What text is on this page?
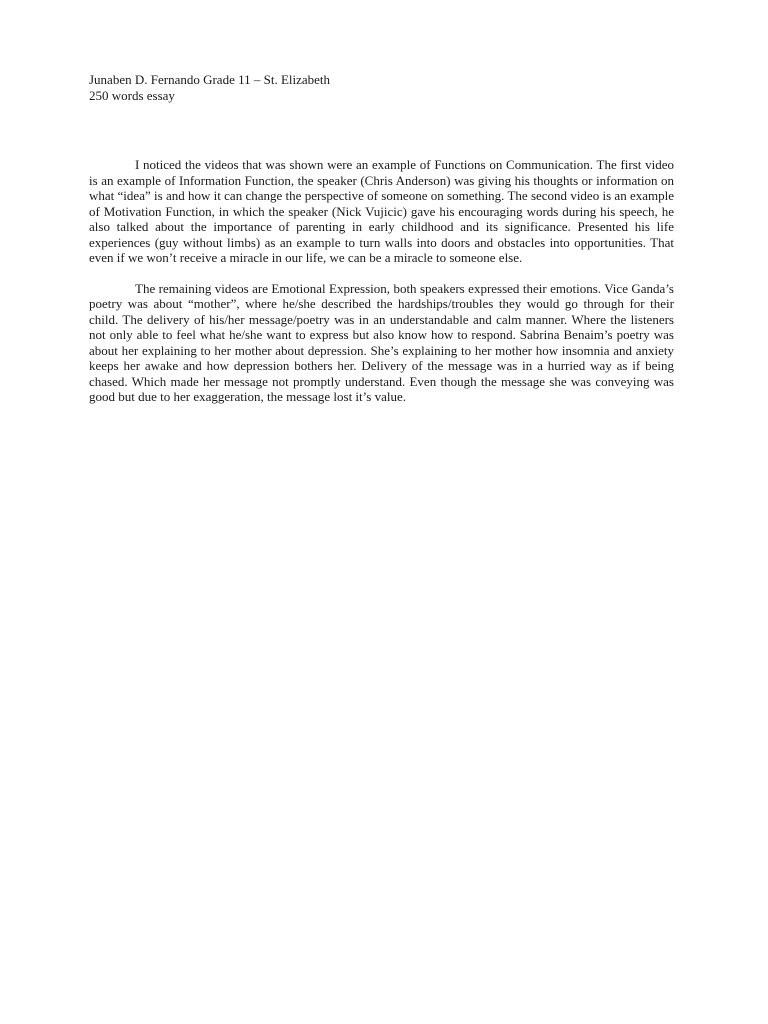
Junaben D. Fernando Grade 11 – St. Elizabeth
250 words essay

I noticed the videos that was shown were an example of Functions on Communication. The first video is an example of Information Function, the speaker (Chris Anderson) was giving his thoughts or information on what “idea” is and how it can change the perspective of someone on something. The second video is an example of Motivation Function, in which the speaker (Nick Vujicic) gave his encouraging words during his speech, he also talked about the importance of parenting in early childhood and its significance. Presented his life experiences (guy without limbs) as an example to turn walls into doors and obstacles into opportunities. That even if we won’t receive a miracle in our life, we can be a miracle to someone else.

The remaining videos are Emotional Expression, both speakers expressed their emotions. Vice Ganda’s poetry was about “mother”, where he/she described the hardships/troubles they would go through for their child. The delivery of his/her message/poetry was in an understandable and calm manner. Where the listeners not only able to feel what he/she want to express but also know how to respond. Sabrina Benaim’s poetry was about her explaining to her mother about depression. She’s explaining to her mother how insomnia and anxiety keeps her awake and how depression bothers her. Delivery of the message was in a hurried way as if being chased. Which made her message not promptly understand. Even though the message she was conveying was good but due to her exaggeration, the message lost it’s value.
